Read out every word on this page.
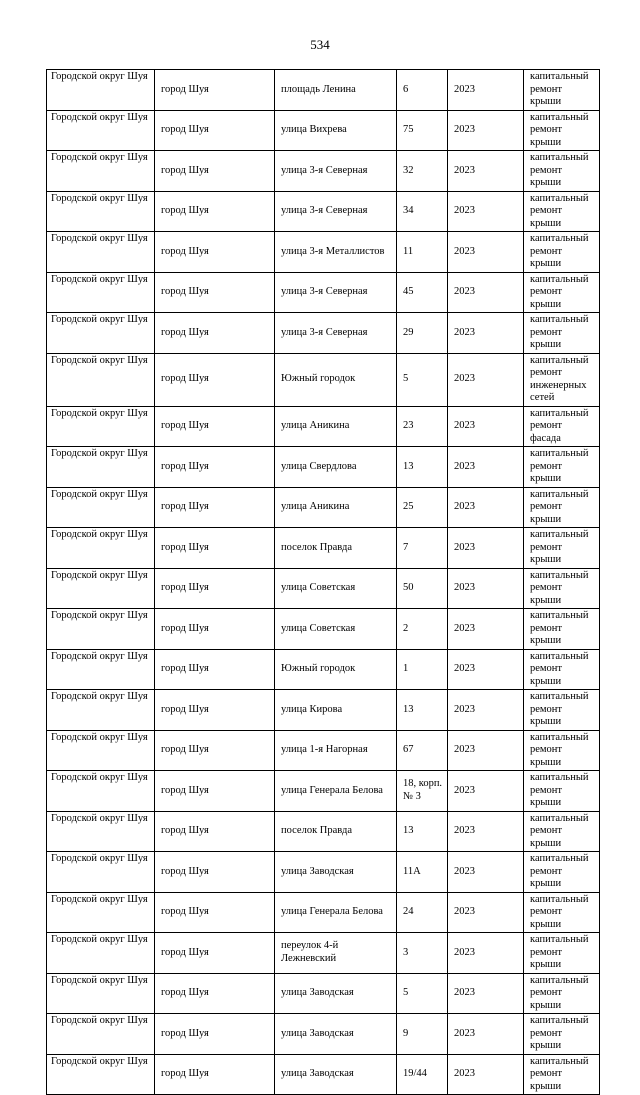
534
Городской округ Шуя	город Шуя	площадь Ленина	6	2023	капитальный ремонт крыши
Городской округ Шуя	город Шуя	улица Вихрева	75	2023	капитальный ремонт крыши
Городской округ Шуя	город Шуя	улица 3-я Северная	32	2023	капитальный ремонт крыши
Городской округ Шуя	город Шуя	улица 3-я Северная	34	2023	капитальный ремонт крыши
Городской округ Шуя	город Шуя	улица 3-я Металлистов	11	2023	капитальный ремонт крыши
Городской округ Шуя	город Шуя	улица 3-я Северная	45	2023	капитальный ремонт крыши
Городской округ Шуя	город Шуя	улица 3-я Северная	29	2023	капитальный ремонт крыши
Городской округ Шуя	город Шуя	Южный городок	5	2023	капитальный ремонт инженерных сетей
Городской округ Шуя	город Шуя	улица Аникина	23	2023	капитальный ремонт фасада
Городской округ Шуя	город Шуя	улица Свердлова	13	2023	капитальный ремонт крыши
Городской округ Шуя	город Шуя	улица Аникина	25	2023	капитальный ремонт крыши
Городской округ Шуя	город Шуя	поселок Правда	7	2023	капитальный ремонт крыши
Городской округ Шуя	город Шуя	улица Советская	50	2023	капитальный ремонт крыши
Городской округ Шуя	город Шуя	улица Советская	2	2023	капитальный ремонт крыши
Городской округ Шуя	город Шуя	Южный городок	1	2023	капитальный ремонт крыши
Городской округ Шуя	город Шуя	улица Кирова	13	2023	капитальный ремонт крыши
Городской округ Шуя	город Шуя	улица 1-я Нагорная	67	2023	капитальный ремонт крыши
Городской округ Шуя	город Шуя	улица Генерала Белова	18, корп. № 3	2023	капитальный ремонт крыши
Городской округ Шуя	город Шуя	поселок Правда	13	2023	капитальный ремонт крыши
Городской округ Шуя	город Шуя	улица Заводская	11А	2023	капитальный ремонт крыши
Городской округ Шуя	город Шуя	улица Генерала Белова	24	2023	капитальный ремонт крыши
Городской округ Шуя	город Шуя	переулок 4-й Лежневский	3	2023	капитальный ремонт крыши
Городской округ Шуя	город Шуя	улица Заводская	5	2023	капитальный ремонт крыши
Городской округ Шуя	город Шуя	улица Заводская	9	2023	капитальный ремонт крыши
Городской округ Шуя	город Шуя	улица Заводская	19/44	2023	капитальный ремонт крыши
